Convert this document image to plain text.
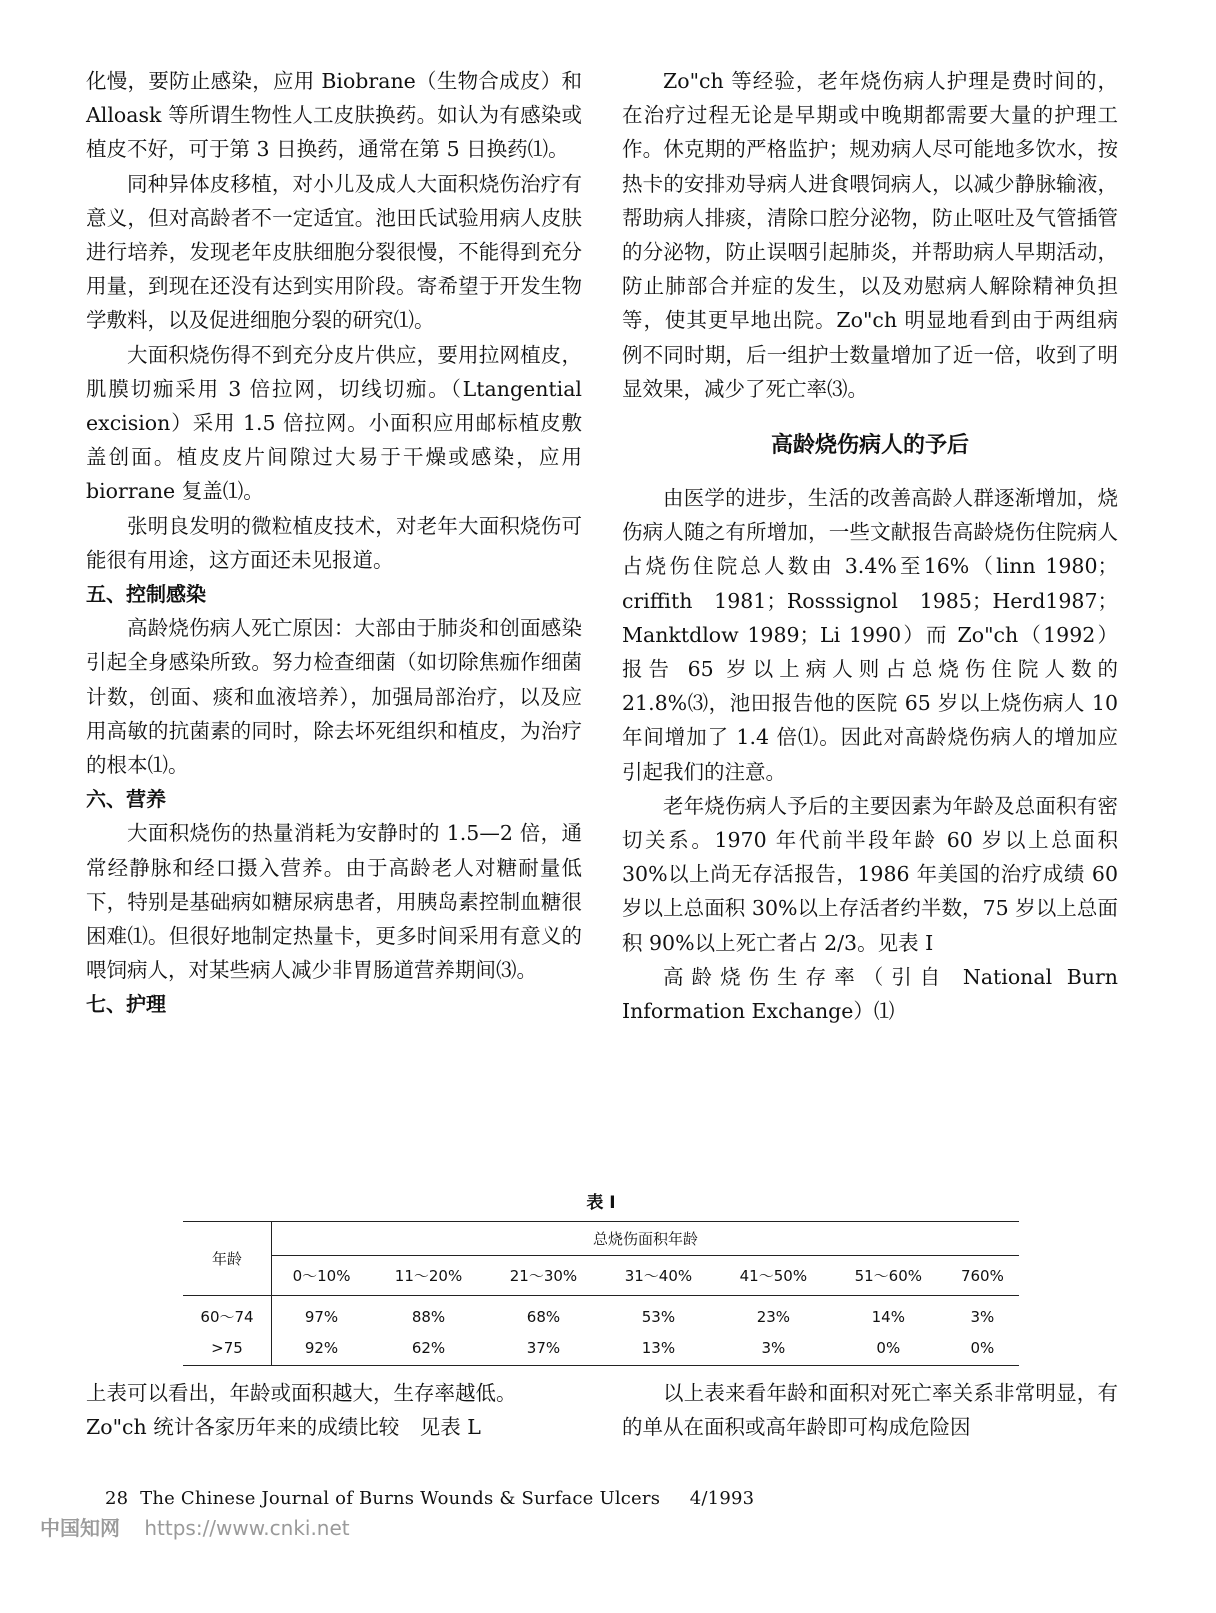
化慢，要防止感染，应用 Biobrane（生物合成皮）和 Alloask 等所谓生物性人工皮肤换药。如认为有感染或植皮不好，可于第 3 日换药，通常在第 5 日换药⑴。

同种异体皮移植，对小儿及成人大面积烧伤治疗有意义，但对高龄者不一定适宜。池田氏试验用病人皮肤进行培养，发现老年皮肤细胞分裂很慢，不能得到充分用量，到现在还没有达到实用阶段。寄希望于开发生物学敷料，以及促进细胞分裂的研究⑴。

大面积烧伤得不到充分皮片供应，要用拉网植皮，肌膜切痂采用 3 倍拉网，切线切痂。（Ltangential excision）采用 1.5 倍拉网。小面积应用邮标植皮敷盖创面。植皮皮片间隙过大易于干燥或感染，应用 biorrane 复盖⑴。

张明良发明的微粒植皮技术，对老年大面积烧伤可能很有用途，这方面还未见报道。

五、控制感染

高龄烧伤病人死亡原因：大部由于肺炎和创面感染引起全身感染所致。努力检查细菌（如切除焦痂作细菌计数，创面、痰和血液培养），加强局部治疗，以及应用高敏的抗菌素的同时，除去坏死组织和植皮，为治疗的根本⑴。

六、营养

大面积烧伤的热量消耗为安静时的 1.5—2 倍，通常经静脉和经口摄入营养。由于高龄老人对糖耐量低下，特别是基础病如糖尿病患者，用胰岛素控制血糖很困难⑴。但很好地制定热量卡，更多时间采用有意义的喂饲病人，对某些病人减少非胃肠道营养期间⑶。

七、护理

Zo"ch 等经验，老年烧伤病人护理是费时间的，在治疗过程无论是早期或中晚期都需要大量的护理工作。休克期的严格监护；规劝病人尽可能地多饮水，按热卡的安排劝导病人进食喂饲病人，以减少静脉输液，帮助病人排痰，清除口腔分泌物，防止呕吐及气管插管的分泌物，防止误咽引起肺炎，并帮助病人早期活动，防止肺部合并症的发生，以及劝慰病人解除精神负担等，使其更早地出院。Zo"ch 明显地看到由于两组病例不同时期，后一组护士数量增加了近一倍，收到了明显效果，减少了死亡率⑶。

高龄烧伤病人的予后

由医学的进步，生活的改善高龄人群逐渐增加，烧伤病人随之有所增加，一些文献报告高龄烧伤住院病人占烧伤住院总人数由 3.4%至16%（linn 1980；criffith 1981；Rosssignol 1985；Herd1987；Manktdlow 1989；Li 1990）而 Zo"ch（1992）报告 65 岁以上病人则占总烧伤住院人数的 21.8%⑶，池田报告他的医院 65 岁以上烧伤病人 10 年间增加了 1.4 倍⑴。因此对高龄烧伤病人的增加应引起我们的注意。

老年烧伤病人予后的主要因素为年龄及总面积有密切关系。1970 年代前半段年龄 60 岁以上总面积 30%以上尚无存活报告，1986 年美国的治疗成绩 60 岁以上总面积 30%以上存活者约半数，75 岁以上总面积 90%以上死亡者占 2/3。见表 I

高龄烧伤生存率（引自 National Burn Information Exchange）⑴

表 I
年龄	总烧伤面积年龄						
	0～10%	11～20%	21～30%	31～40%	41～50%	51～60%	760%
60～74	97%	88%	68%	53%	23%	14%	3%
>75	92%	62%	37%	13%	3%	0%	0%

上表可以看出，年龄或面积越大，生存率越低。

Zo"ch 统计各家历年来的成绩比较　见表 L

以上表来看年龄和面积对死亡率关系非常明显，有的单从在面积或高年龄即可构成危险因

28  The Chinese Journal of Burns Wounds & Surface Ulcers     4/1993
中国知网 https://www.cnki.net
